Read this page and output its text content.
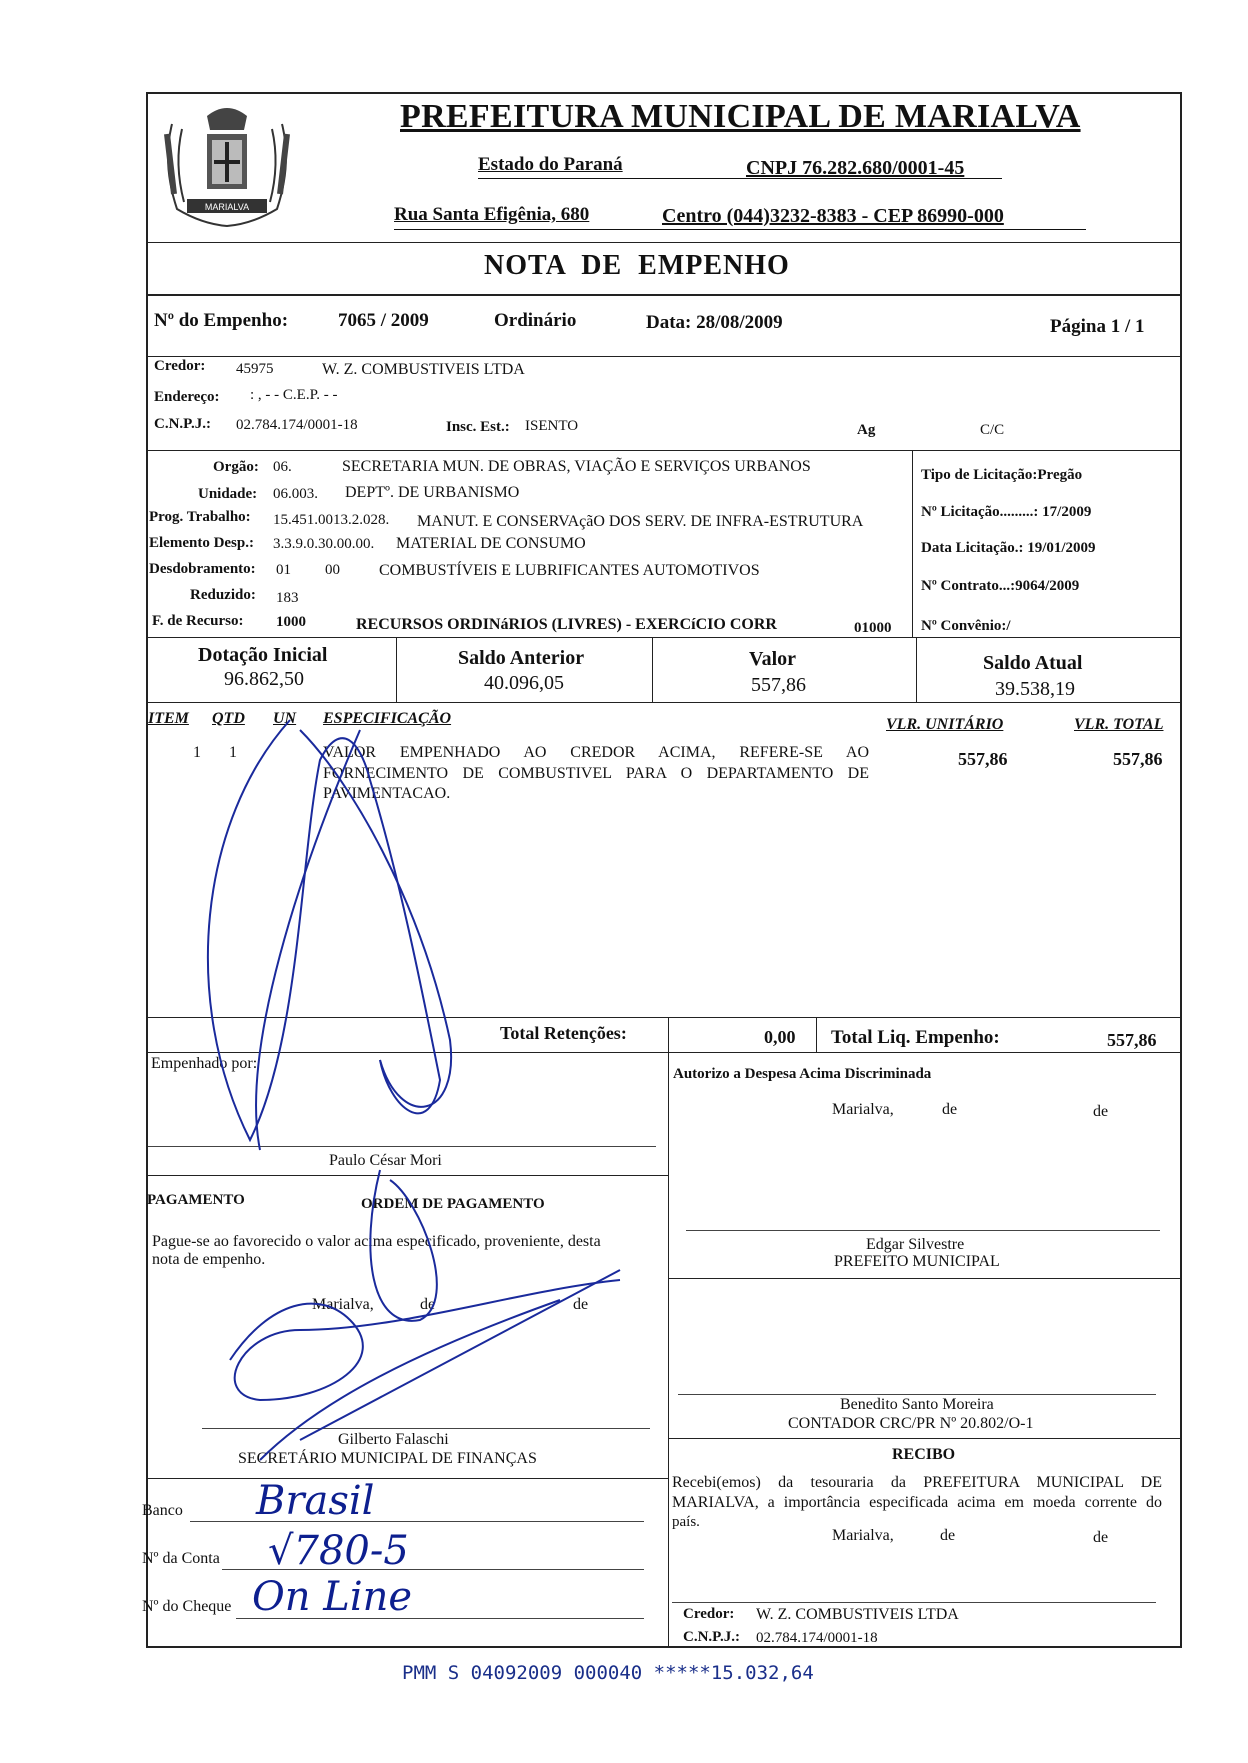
MARIALVA
PREFEITURA MUNICIPAL DE MARIALVA
Estado do Paraná	CNPJ 76.282.680/0001-45
Rua Santa Efigênia, 680	Centro (044)3232-8383 - CEP 86990-000
NOTA DE EMPENHO
Nº do Empenho:	7065 / 2009	Ordinário	Data: 28/08/2009	Página 1 / 1
Credor: 45975	W. Z. COMBUSTIVEIS LTDA
Endereço: : , - - C.E.P. - -
C.N.P.J.: 02.784.174/0001-18	Insc. Est.: ISENTO	Ag	C/C
Orgão: 06.	SECRETARIA MUN. DE OBRAS, VIAÇÃO E SERVIÇOS URBANOS
Unidade: 06.003. DEPTº. DE URBANISMO
Prog. Trabalho: 15.451.0013.2.028. MANUT. E CONSERVAçãO DOS SERV. DE INFRA-ESTRUTURA
Elemento Desp.: 3.3.9.0.30.00.00. MATERIAL DE CONSUMO
Desdobramento: 01 00 COMBUSTÍVEIS E LUBRIFICANTES AUTOMOTIVOS
Reduzido: 183
F. de Recurso: 1000	RECURSOS ORDINáRIOS (LIVRES) - EXERCíCIO CORR	01000
Tipo de Licitação:Pregão
Nº Licitação.........: 17/2009
Data Licitação.: 19/01/2009
Nº Contrato...:9064/2009
Nº Convênio:/
Dotação Inicial
96.862,50
Saldo Anterior
40.096,05
Valor
557,86
Saldo Atual
39.538,19
ITEM QTD UN ESPECIFICAÇÃO	VLR. UNITÁRIO	VLR. TOTAL
1 1	VALOR EMPENHADO AO CREDOR ACIMA, REFERE-SE AO
FORNECIMENTO DE COMBUSTIVEL PARA O DEPARTAMENTO DE
PAVIMENTACAO.
557,86	557,86
Total Retenções:	0,00 Total Liq. Empenho:	557,86
Empenhado por:
Paulo César Mori
PAGAMENTO	ORDEM DE PAGAMENTO
Pague-se ao favorecido o valor acima especificado, proveniente, desta
nota de empenho.
Marialva,	de	de
Gilberto Falaschi
SECRETÁRIO MUNICIPAL DE FINANÇAS
Banco Brasil
Nº da Conta √780-5
Nº do Cheque On Line
Autorizo a Despesa Acima Discriminada
Marialva,	de	de
Edgar Silvestre
PREFEITO MUNICIPAL
Benedito Santo Moreira
CONTADOR CRC/PR Nº 20.802/O-1
RECIBO
Recebi(emos) da tesouraria da PREFEITURA MUNICIPAL DE
MARIALVA, a importância especificada acima em moeda corrente do
país.
Marialva,	de	de
Credor: W. Z. COMBUSTIVEIS LTDA
C.N.P.J.: 02.784.174/0001-18
PMM S 04092009 000040 *****15.032,64
